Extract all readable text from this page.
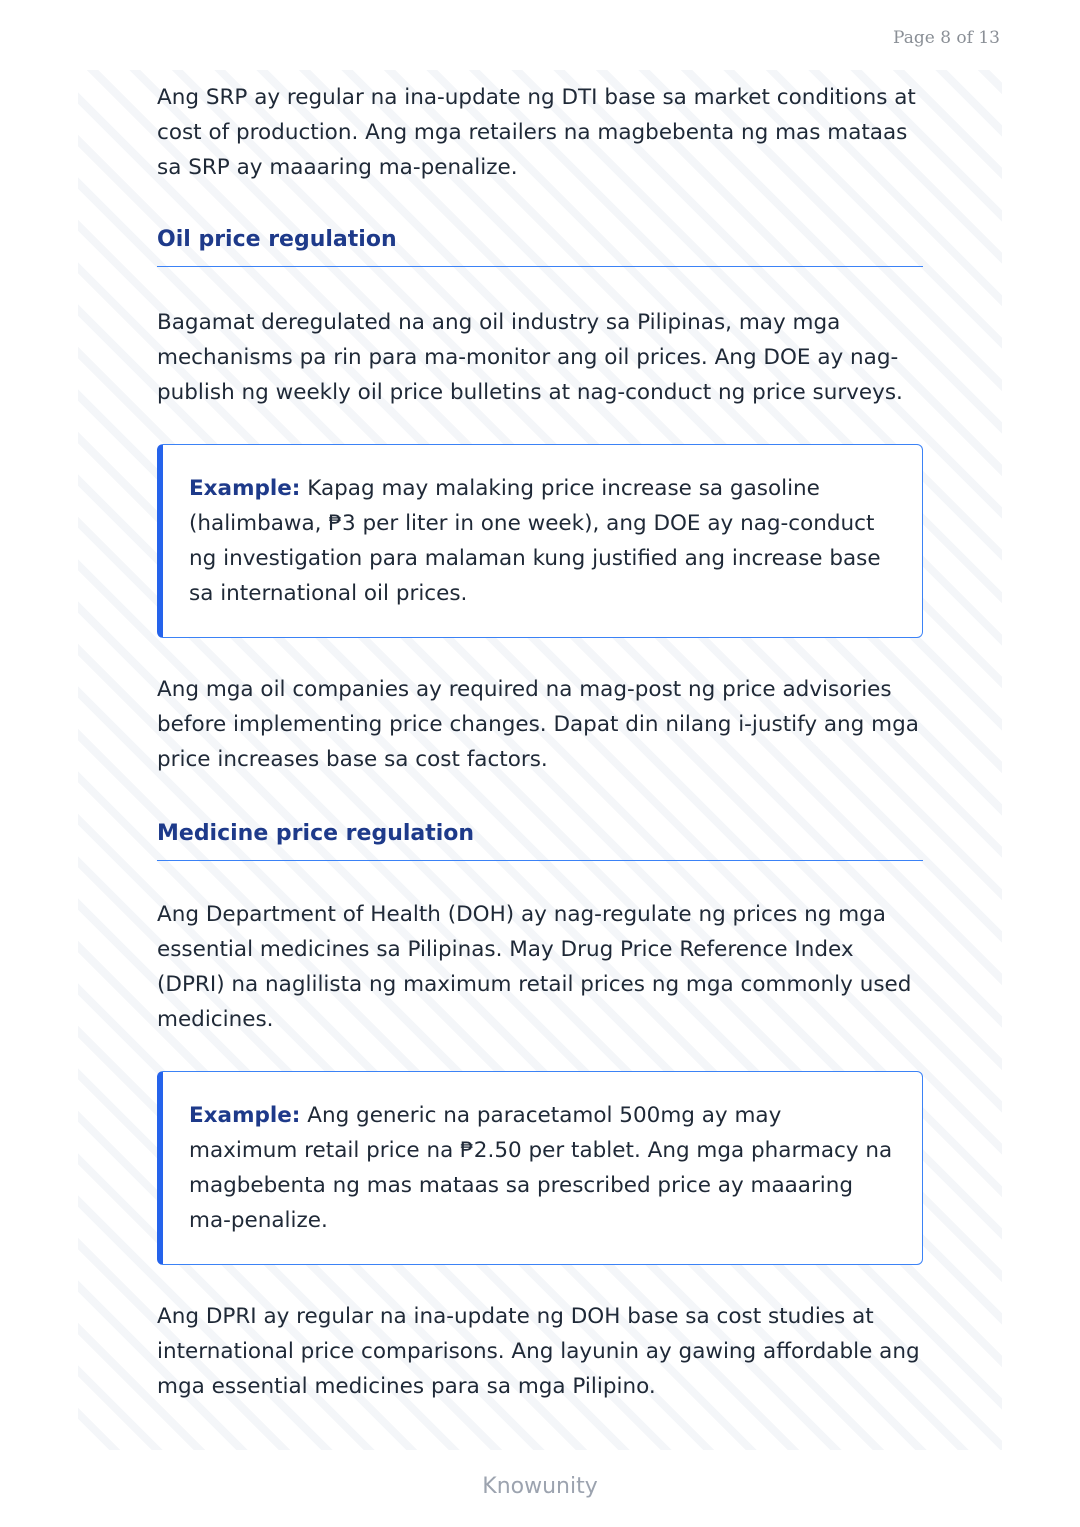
Page 8 of 13

Ang SRP ay regular na ina-update ng DTI base sa market conditions at cost of production. Ang mga retailers na magbebenta ng mas mataas sa SRP ay maaaring ma-penalize.

Oil price regulation

Bagamat deregulated na ang oil industry sa Pilipinas, may mga mechanisms pa rin para ma-monitor ang oil prices. Ang DOE ay nag-publish ng weekly oil price bulletins at nag-conduct ng price surveys.

Example: Kapag may malaking price increase sa gasoline (halimbawa, ₱3 per liter in one week), ang DOE ay nag-conduct ng investigation para malaman kung justified ang increase base sa international oil prices.

Ang mga oil companies ay required na mag-post ng price advisories before implementing price changes. Dapat din nilang i-justify ang mga price increases base sa cost factors.

Medicine price regulation

Ang Department of Health (DOH) ay nag-regulate ng prices ng mga essential medicines sa Pilipinas. May Drug Price Reference Index (DPRI) na naglilista ng maximum retail prices ng mga commonly used medicines.

Example: Ang generic na paracetamol 500mg ay may maximum retail price na ₱2.50 per tablet. Ang mga pharmacy na magbebenta ng mas mataas sa prescribed price ay maaaring ma-penalize.

Ang DPRI ay regular na ina-update ng DOH base sa cost studies at international price comparisons. Ang layunin ay gawing affordable ang mga essential medicines para sa mga Pilipino.

Knowunity
